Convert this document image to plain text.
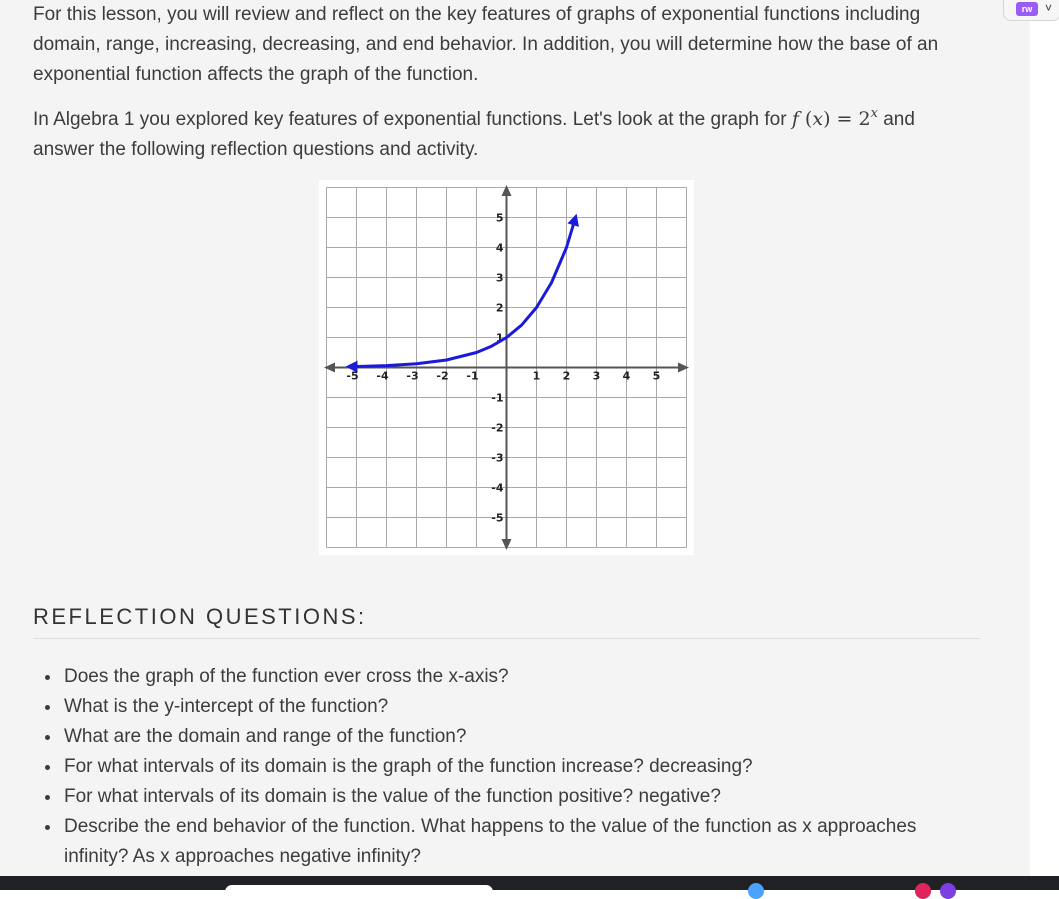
For this lesson, you will review and reflect on the key features of graphs of exponential functions including domain, range, increasing, decreasing, and end behavior. In addition, you will determine how the base of an exponential function affects the graph of the function.

In Algebra 1 you explored key features of exponential functions. Let's look at the graph for f $(x) = 2^x$ and answer the following reflection questions and activity.

-5 -4 -3 -2 -1	1 2 3 4 5
5
4
3
2
1
-1
-2
-3
-4
-5
REFLECTION QUESTIONS:
Does the graph of the function ever cross the x-axis?
What is the y-intercept of the function?
What are the domain and range of the function?
For what intervals of its domain is the graph of the function increase? decreasing?
For what intervals of its domain is the value of the function positive? negative?
Describe the end behavior of the function. What happens to the value of the function as x approaches infinity? As x approaches negative infinity?
rw	˅
